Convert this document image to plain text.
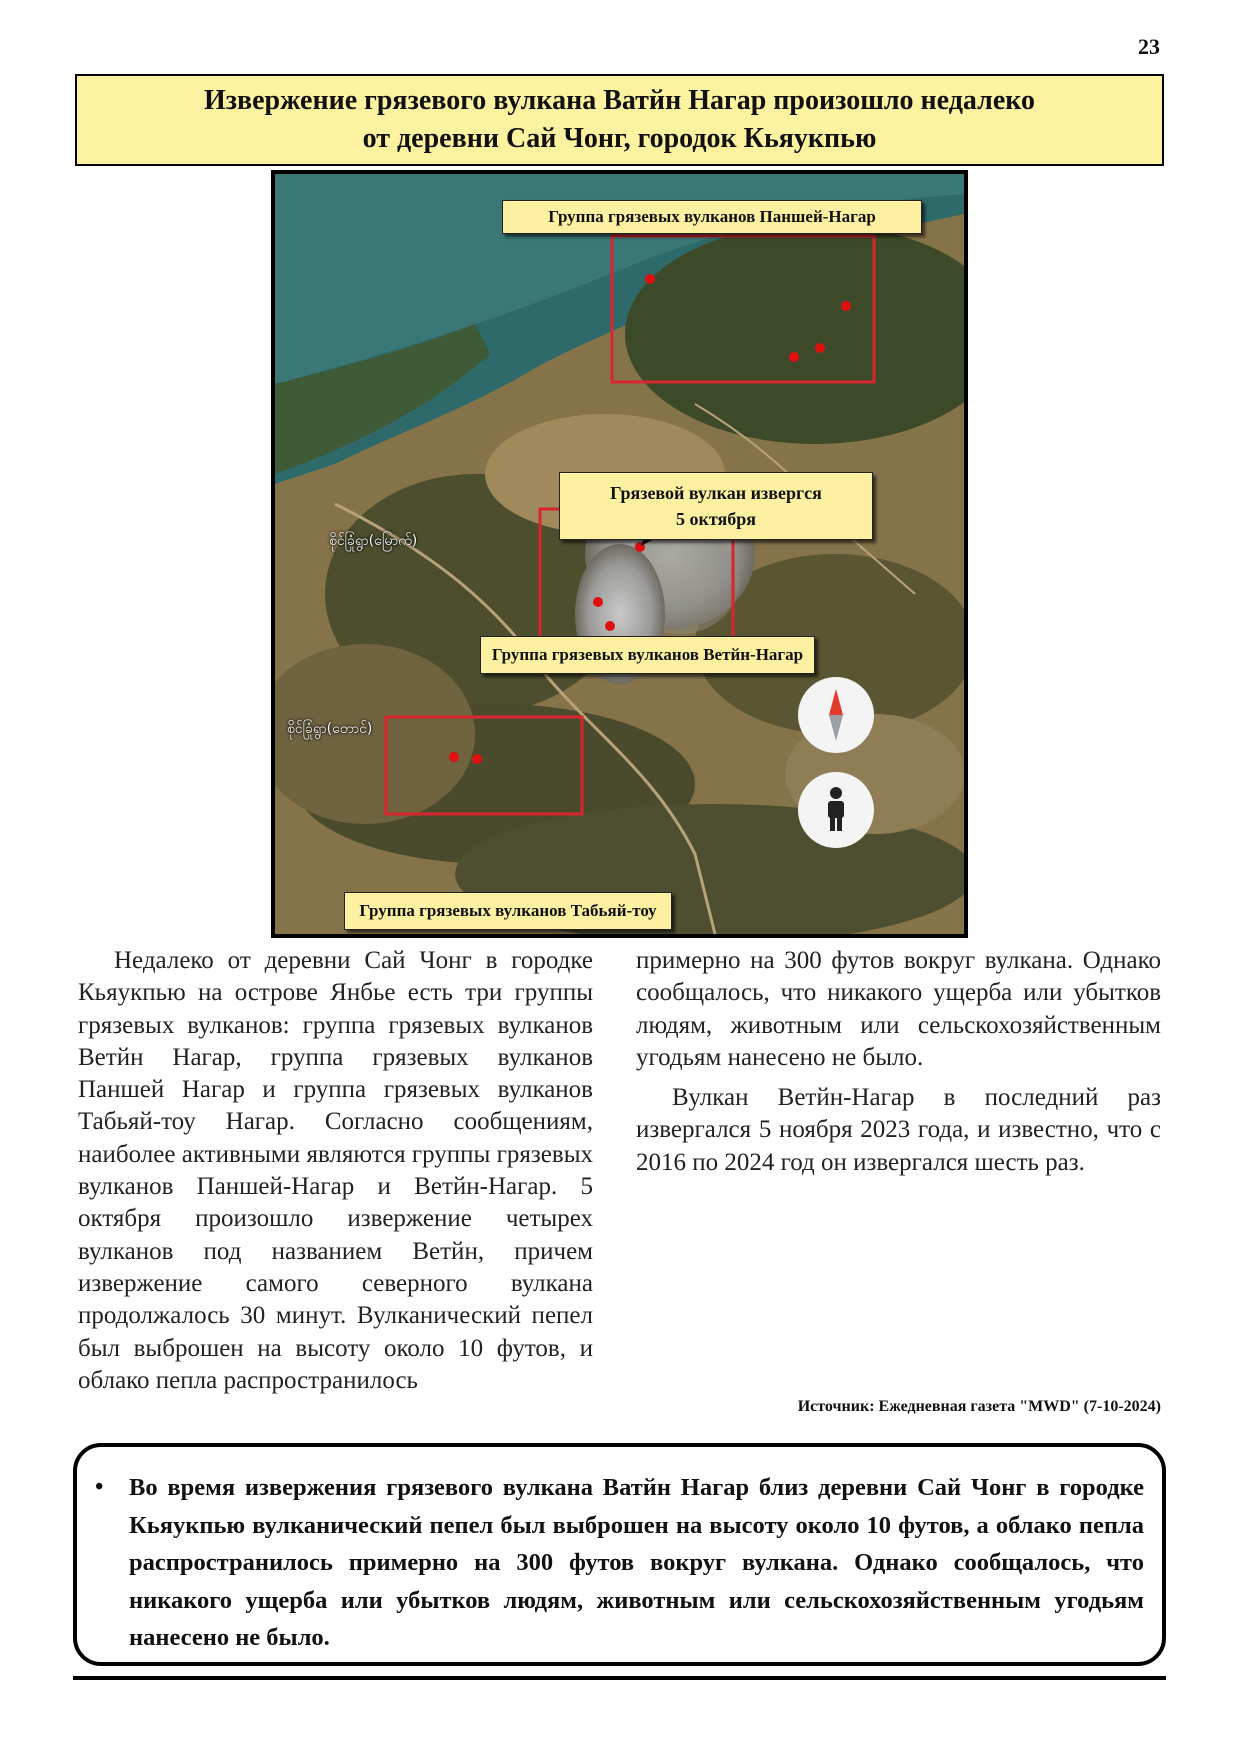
23
Извержение грязевого вулкана Ватйн Нагар произошло недалеко
от деревни Сай Чонг, городок Кьяукпью
Группа грязевых вулканов Паншей-Нагар
Грязевой вулкан извергся
5 октября
Группа грязевых вулканов Ветйн-Нагар
Группа грязевых вулканов Табьяй-тоу
စိုင်ခြုံရွာ(မြောက်)
စိုင်ခြုံရွာ(တောင်)

Недалеко от деревни Сай Чонг в городке Кьяукпью на острове Янбье есть три группы грязевых вулканов: группа грязевых вулканов Ветйн Нагар, группа грязевых вулканов Паншей Нагар и группа грязевых вулканов Табьяй-тоу Нагар. Согласно сообщениям, наиболее активными являются группы грязевых вулканов Паншей-Нагар и Ветйн-Нагар. 5 октября произошло извержение четырех вулканов под названием Ветйн, причем извержение самого северного вулкана продолжалось 30 минут. Вулканический пепел был выброшен на высоту около 10 футов, и облако пепла распространилось

примерно на 300 футов вокруг вулкана. Однако сообщалось, что никакого ущерба или убытков людям, животным или сельскохозяйственным угодьям нанесено не было.

Вулкан Ветйн-Нагар в последний раз извергался 5 ноября 2023 года, и известно, что с 2016 по 2024 год он извергался шесть раз.

Источник: Ежедневная газета "MWD" (7-10-2024)
• Во время извержения грязевого вулкана Ватйн Нагар близ деревни Сай Чонг в городке Кьяукпью вулканический пепел был выброшен на высоту около 10 футов, а облако пепла распространилось примерно на 300 футов вокруг вулкана. Однако сообщалось, что никакого ущерба или убытков людям, животным или сельскохозяйственным угодьям нанесено не было.
